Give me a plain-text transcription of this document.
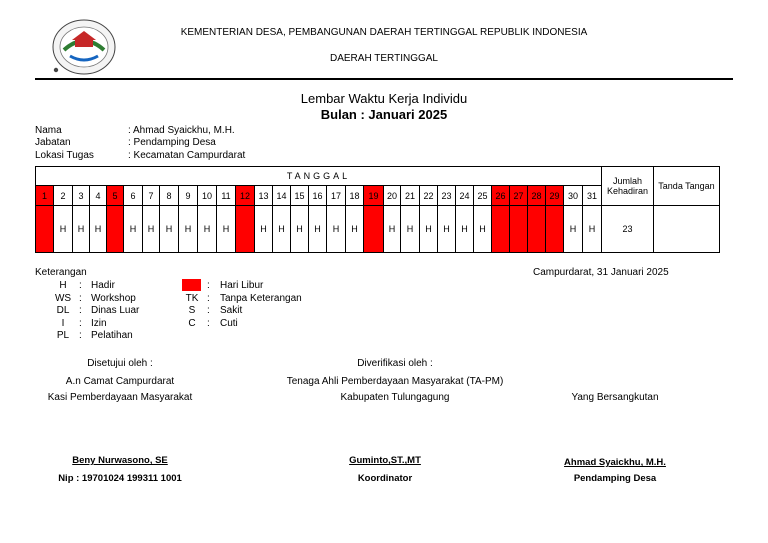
KEMENTERIAN DESA, PEMBANGUNAN DAERAH TERTINGGAL REPUBLIK INDONESIA
DAERAH TERTINGGAL
Lembar Waktu Kerja Individu
Bulan : Januari 2025
Nama	: Ahmad Syaickhu, M.H.
Jabatan	: Pendamping Desa
Lokasi Tugas	: Kecamatan Campurdarat
TANGGAL																															Jumlah Kehadiran	Tanda Tangan
1	2	3	4	5	6	7	8	9	10	11	12	13	14	15	16	17	18	19	20	21	22	23	24	25	26	27	28	29	30	31		
	H	H	H		H	H	H	H	H	H		H	H	H	H	H	H		H	H	H	H	H	H					H	H	23	
Keterangan
H	: Hadir
WS : Workshop
DL : Dinas Luar
I	: Izin
PL : Pelatihan
: Hari Libur
TK : Tanpa Keterangan
S	: Sakit
C	: Cuti
Campurdarat, 31 Januari 2025
Disetujui oleh :	Diverifikasi oleh :
A.n Camat Campurdarat	Tenaga Ahli Pemberdayaan Masyarakat (TA-PM)
Kasi Pemberdayaan Masyarakat	Kabupaten Tulungagung	Yang Bersangkutan
Beny Nurwasono, SE
Nip : 19701024 199311 1001
Guminto,ST.,MT
Koordinator
Ahmad Syaickhu, M.H.
Pendamping Desa
